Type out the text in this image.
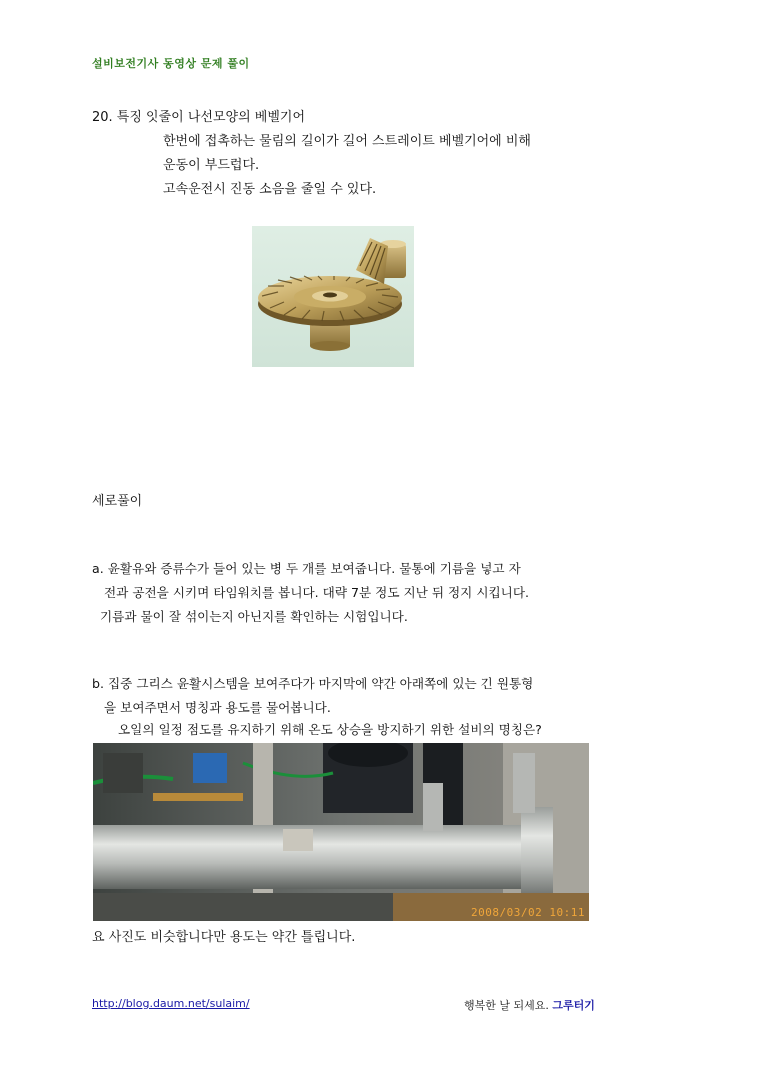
설비보전기사 동영상 문제 풀이
20. 특징 잇줄이 나선모양의 베벨기어
한번에 접촉하는 물림의 길이가 길어 스트레이트 베벨기어에 비해
운동이 부드럽다.
고속운전시 진동 소음을 줄일 수 있다.
세로풀이
a. 윤활유와 증류수가 들어 있는 병 두 개를 보여줍니다. 물통에 기름을 넣고 자
전과 공전을 시키며 타임워치를 봅니다. 대략 7분 정도 지난 뒤 정지 시킵니다.
기름과 물이 잘 섞이는지 아닌지를 확인하는 시험입니다.
b. 집중 그리스 윤활시스템을 보여주다가 마지막에 약간 아래쪽에 있는 긴 원통형
을 보여주면서 명칭과 용도를 물어봅니다.
오일의 일정 점도를 유지하기 위해 온도 상승을 방지하기 위한 설비의 명칭은?
2008/03/02 10:11
요 사진도 비슷합니다만 용도는 약간 틀립니다.
http://blog.daum.net/sulaim/	행복한 날 되세요. 그루터기
